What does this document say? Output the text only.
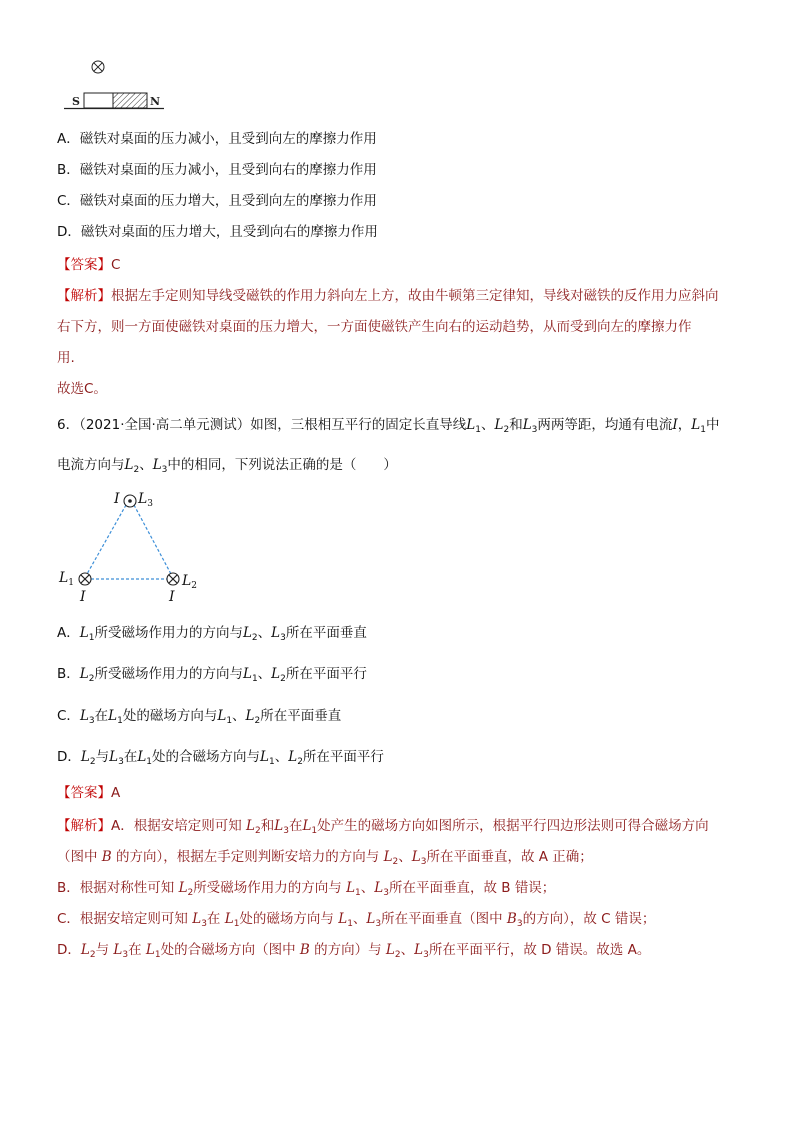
S	N
A．磁铁对桌面的压力减小，且受到向左的摩擦力作用
B．磁铁对桌面的压力减小，且受到向右的摩擦力作用
C．磁铁对桌面的压力增大，且受到向左的摩擦力作用
D．磁铁对桌面的压力增大，且受到向右的摩擦力作用
【答案】C
【解析】根据左手定则知导线受磁铁的作用力斜向左上方，故由牛顿第三定律知，导线对磁铁的反作用力应斜向
右下方，则一方面使磁铁对桌面的压力增大，一方面使磁铁产生向右的运动趋势，从而受到向左的摩擦力作
用.
故选C。
6．（2021·全国·高二单元测试）如图，三根相互平行的固定长直导线$L_1$、$L_2$和$L_3$两两等距，均通有电流I，$L_1$中
电流方向与$L_2$、$L_3$中的相同，下列说法正确的是（　　）
I $L_3$
$L_1$	$L_2$
I	I
A．$L_1$所受磁场作用力的方向与$L_2$、$L_3$所在平面垂直
B．$L_2$所受磁场作用力的方向与$L_1$、$L_2$所在平面平行
C．$L_3$在$L_1$处的磁场方向与$L_1$、$L_2$所在平面垂直
D．$L_2$与$L_3$在$L_1$处的合磁场方向与$L_1$、$L_2$所在平面平行
【答案】A
【解析】A．根据安培定则可知 $L_2$和$L_3$在$L_1$处产生的磁场方向如图所示，根据平行四边形法则可得合磁场方向
（图中 B 的方向），根据左手定则判断安培力的方向与 $L_2$、$L_3$所在平面垂直，故 A 正确；
B．根据对称性可知 $L_2$所受磁场作用力的方向与 $L_1$、$L_3$所在平面垂直，故 B 错误；
C．根据安培定则可知 $L_3$在 $L_1$处的磁场方向与 $L_1$、$L_3$所在平面垂直（图中 $B_3$的方向），故 C 错误；
D．$L_2$与 $L_3$在 $L_1$处的合磁场方向（图中 B 的方向）与 $L_2$、$L_3$所在平面平行，故 D 错误。故选 A。
